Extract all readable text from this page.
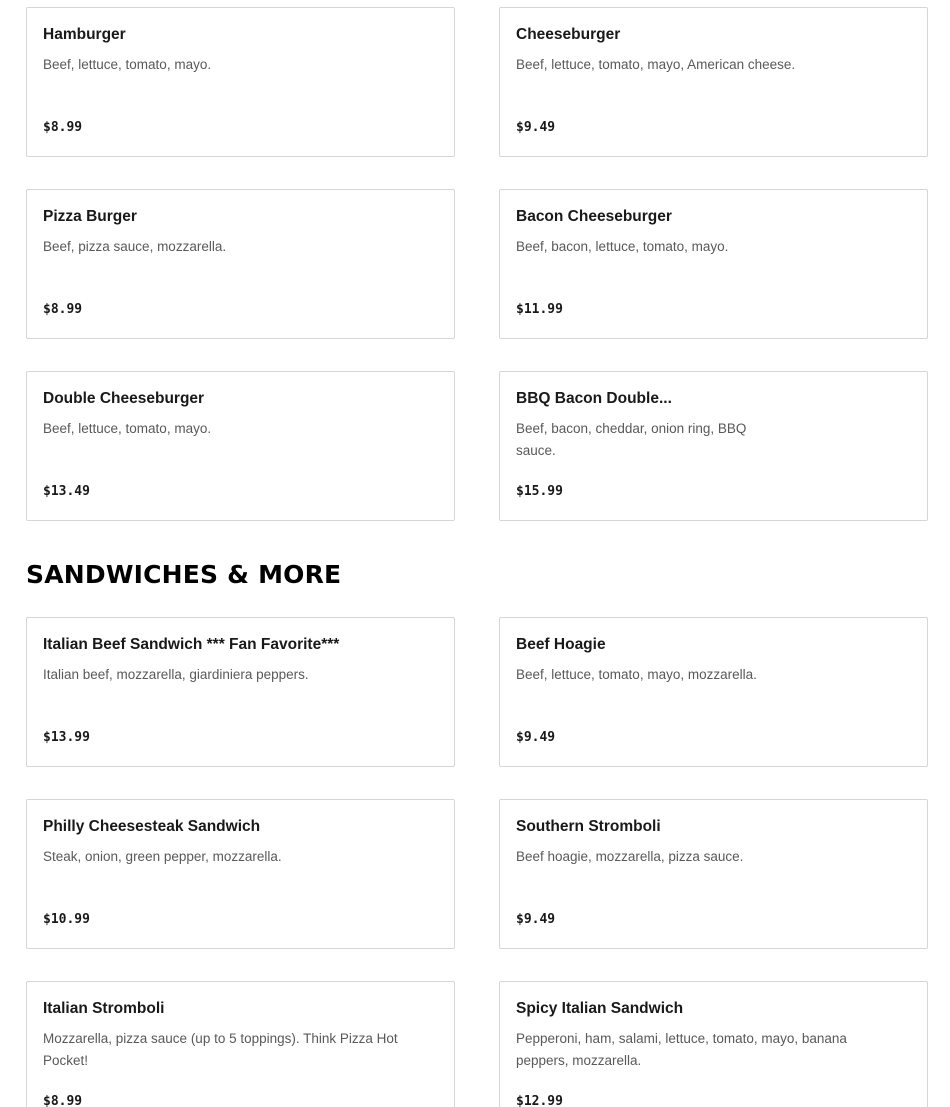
Hamburger
Beef, lettuce, tomato, mayo.
$8.99
Cheeseburger
Beef, lettuce, tomato, mayo, American cheese.
$9.49
Pizza Burger
Beef, pizza sauce, mozzarella.
$8.99
Bacon Cheeseburger
Beef, bacon, lettuce, tomato, mayo.
$11.99
Double Cheeseburger
Beef, lettuce, tomato, mayo.
$13.49
BBQ Bacon Double...
Beef, bacon, cheddar, onion ring, BBQ sauce.
$15.99
SANDWICHES & MORE
Italian Beef Sandwich *** Fan Favorite***
Italian beef, mozzarella, giardiniera peppers.
$13.99
Beef Hoagie
Beef, lettuce, tomato, mayo, mozzarella.
$9.49
Philly Cheesesteak Sandwich
Steak, onion, green pepper, mozzarella.
$10.99
Southern Stromboli
Beef hoagie, mozzarella, pizza sauce.
$9.49
Italian Stromboli
Mozzarella, pizza sauce (up to 5 toppings). Think Pizza Hot Pocket!
$8.99
Spicy Italian Sandwich
Pepperoni, ham, salami, lettuce, tomato, mayo, banana peppers, mozzarella.
$12.99
